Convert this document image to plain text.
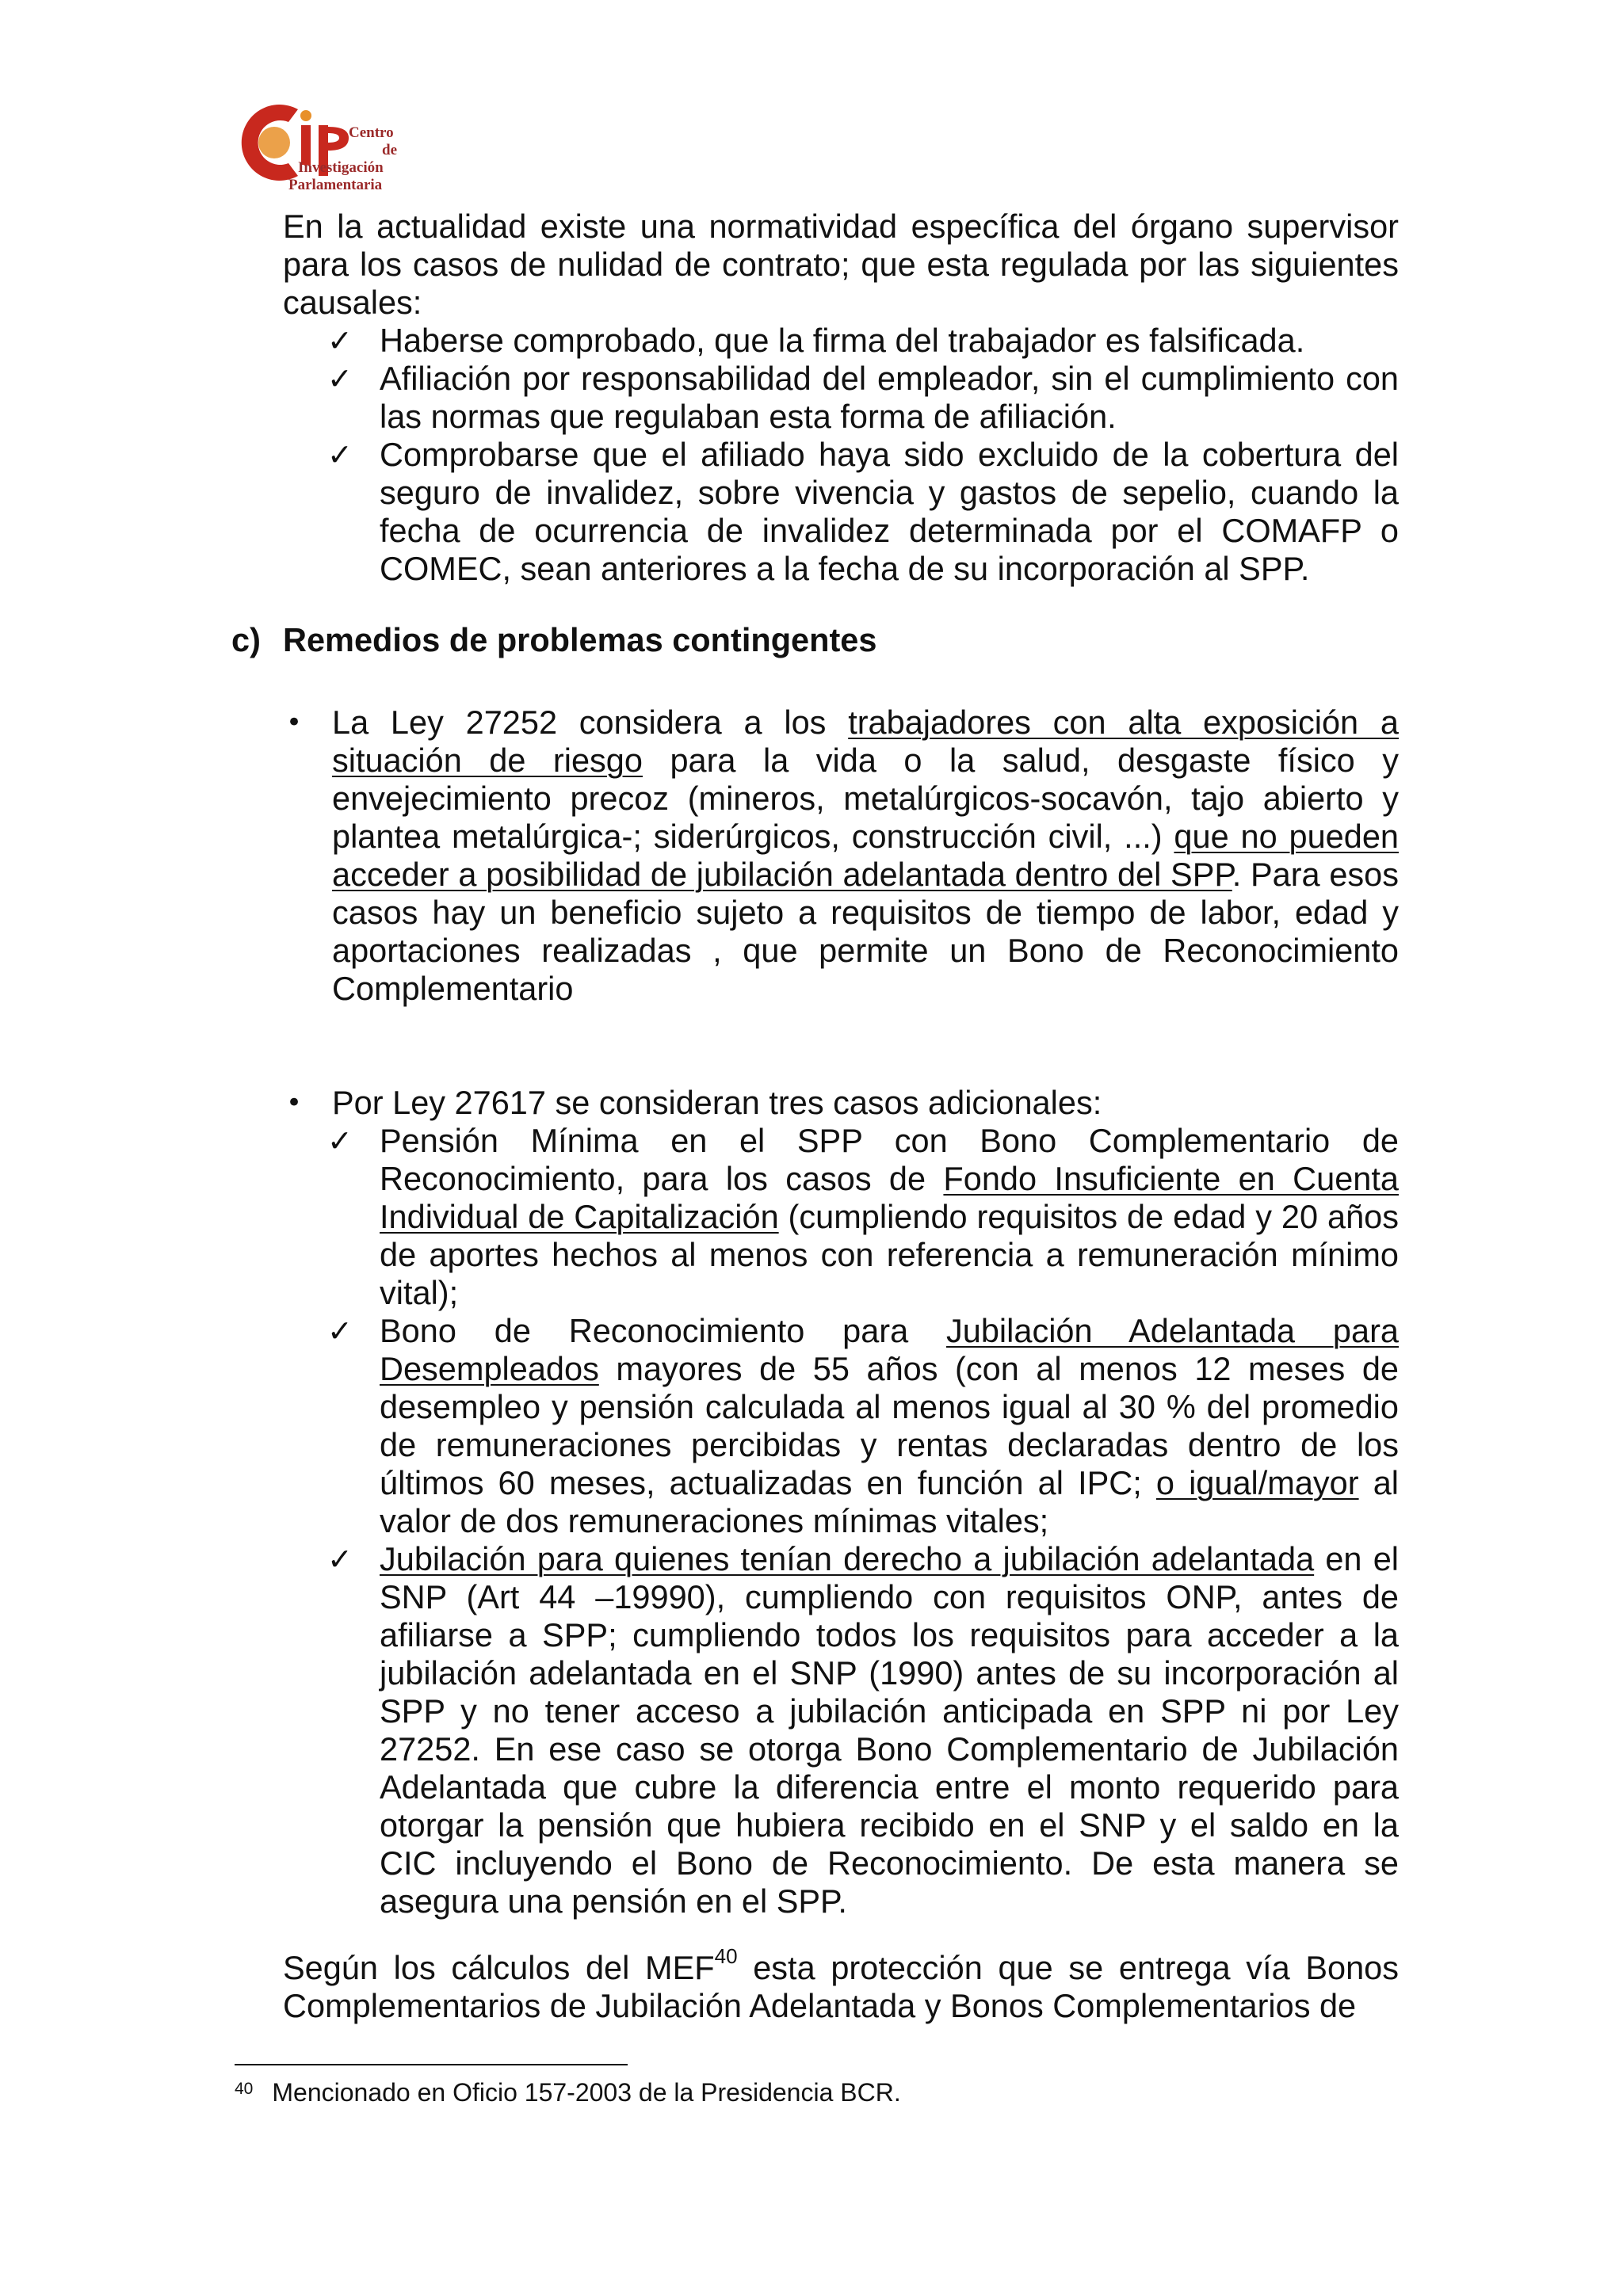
Centro
de
Investigación
Parlamentaria

En la actualidad existe una normatividad específica del órgano supervisor para los casos de nulidad de contrato; que esta regulada por las siguientes causales:

✓ Haberse comprobado, que la firma del trabajador es falsificada.
✓ Afiliación por responsabilidad del empleador, sin el cumplimiento con las normas que regulaban esta forma de afiliación.
✓ Comprobarse que el afiliado haya sido excluido de la cobertura del seguro de invalidez, sobre vivencia y gastos de sepelio, cuando la fecha de ocurrencia de invalidez determinada por el COMAFP o COMEC, sean anteriores a la fecha de su incorporación al SPP.
c) Remedios de problemas contingentes
• La Ley 27252 considera a los trabajadores con alta exposición a situación de riesgo para la vida o la salud, desgaste físico y envejecimiento precoz (mineros, metalúrgicos-socavón, tajo abierto y plantea metalúrgica-; siderúrgicos, construcción civil, ...) que no pueden acceder a posibilidad de jubilación adelantada dentro del SPP. Para esos casos hay un beneficio sujeto a requisitos de tiempo de labor, edad y aportaciones realizadas , que permite un Bono de Reconocimiento Complementario
• Por Ley 27617 se consideran tres casos adicionales:
✓ Pensión Mínima en el SPP con Bono Complementario de Reconocimiento, para los casos de Fondo Insuficiente en Cuenta Individual de Capitalización (cumpliendo requisitos de edad y 20 años de aportes hechos al menos con referencia a remuneración mínimo vital);
✓ Bono de Reconocimiento para Jubilación Adelantada para Desempleados mayores de 55 años (con al menos 12 meses de desempleo y pensión calculada al menos igual al 30 % del promedio de remuneraciones percibidas y rentas declaradas dentro de los últimos 60 meses, actualizadas en función al IPC; o igual/mayor al valor de dos remuneraciones mínimas vitales;
✓ Jubilación para quienes tenían derecho a jubilación adelantada en el SNP (Art 44 –19990), cumpliendo con requisitos ONP, antes de afiliarse a SPP; cumpliendo todos los requisitos para acceder a la jubilación adelantada en el SNP (1990) antes de su incorporación al SPP y no tener acceso a jubilación anticipada en SPP ni por Ley 27252. En ese caso se otorga Bono Complementario de Jubilación Adelantada que cubre la diferencia entre el monto requerido para otorgar la pensión que hubiera recibido en el SNP y el saldo en la CIC incluyendo el Bono de Reconocimiento. De esta manera se asegura una pensión en el SPP.

Según los cálculos del MEF$^{40}$ esta protección que se entrega vía Bonos Complementarios de Jubilación Adelantada y Bonos Complementarios de

$^{40}$ Mencionado en Oficio 157-2003 de la Presidencia BCR.
